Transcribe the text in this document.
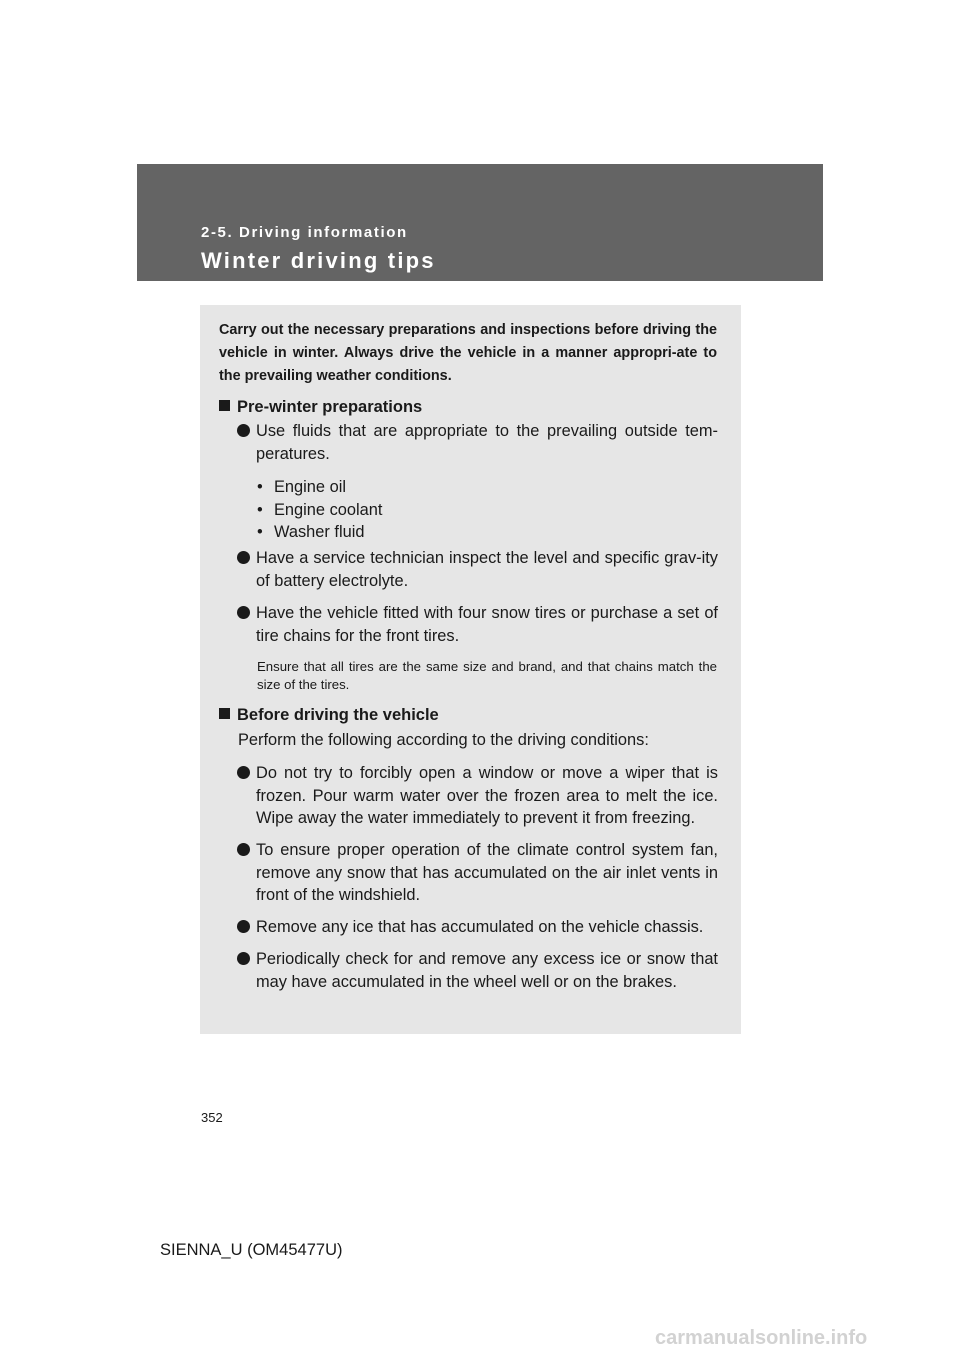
2-5. Driving information
Winter driving tips
Carry out the necessary preparations and inspections before driving the vehicle in winter. Always drive the vehicle in a manner appropri-ate to the prevailing weather conditions.
Pre-winter preparations
Use fluids that are appropriate to the prevailing outside tem-peratures.
• Engine oil
• Engine coolant
• Washer fluid
Have a service technician inspect the level and specific grav-ity of battery electrolyte.
Have the vehicle fitted with four snow tires or purchase a set of tire chains for the front tires.
Ensure that all tires are the same size and brand, and that chains match the size of the tires.
Before driving the vehicle
Perform the following according to the driving conditions:
Do not try to forcibly open a window or move a wiper that is frozen. Pour warm water over the frozen area to melt the ice. Wipe away the water immediately to prevent it from freezing.
To ensure proper operation of the climate control system fan, remove any snow that has accumulated on the air inlet vents in front of the windshield.
Remove any ice that has accumulated on the vehicle chassis.
Periodically check for and remove any excess ice or snow that may have accumulated in the wheel well or on the brakes.
352
SIENNA_U (OM45477U)
carmanualsonline.info
